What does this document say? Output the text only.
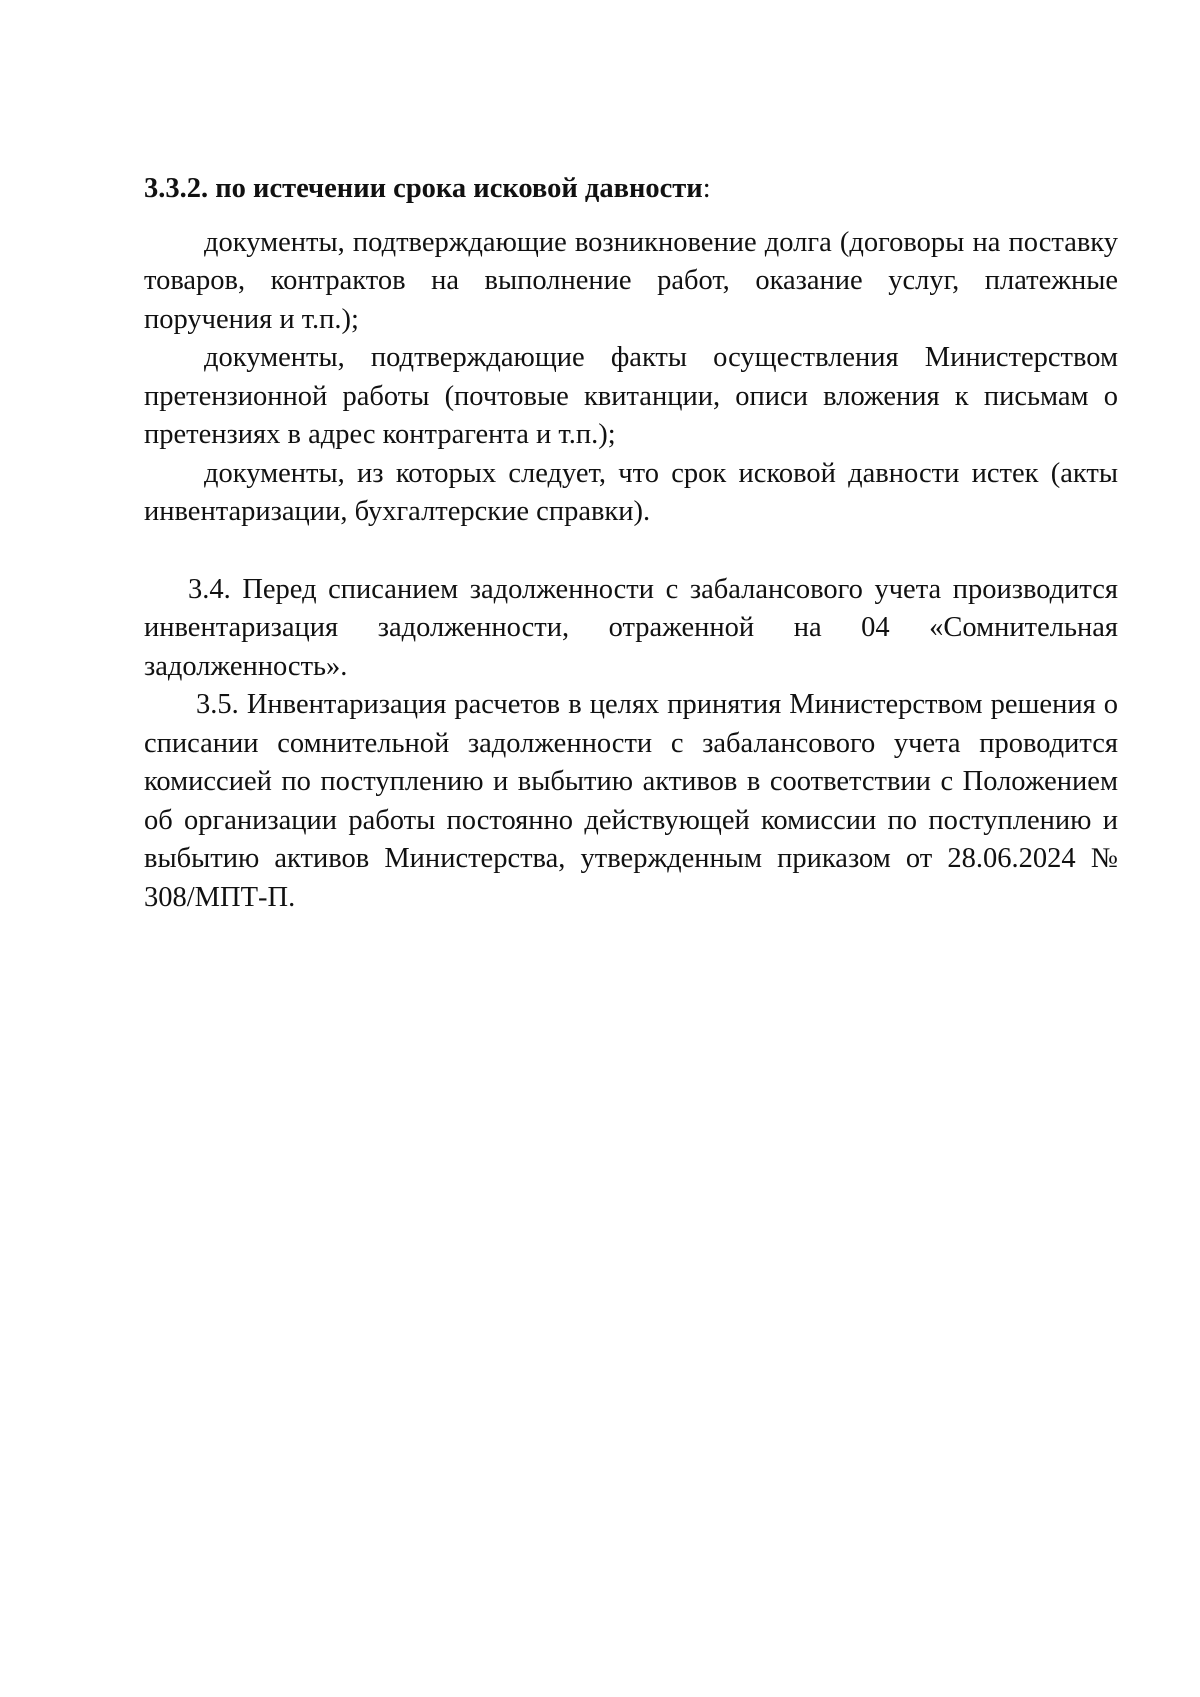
3.3.2. по истечении срока исковой давности:

документы, подтверждающие возникновение долга (договоры на поставку товаров, контрактов на выполнение работ, оказание услуг, платежные поручения и т.п.);

документы, подтверждающие факты осуществления Министерством претензионной работы (почтовые квитанции, описи вложения к письмам о претензиях в адрес контрагента и т.п.);

документы, из которых следует, что срок исковой давности истек (акты инвентаризации, бухгалтерские справки).

3.4. Перед списанием задолженности с забалансового учета производится инвентаризация задолженности, отраженной на 04 «Сомнительная задолженность».

3.5. Инвентаризация расчетов в целях принятия Министерством решения о списании сомнительной задолженности с забалансового учета проводится комиссией по поступлению и выбытию активов в соответствии с Положением об организации работы постоянно действующей комиссии по поступлению и выбытию активов Министерства, утвержденным приказом от 28.06.2024 № 308/МПТ-П.
